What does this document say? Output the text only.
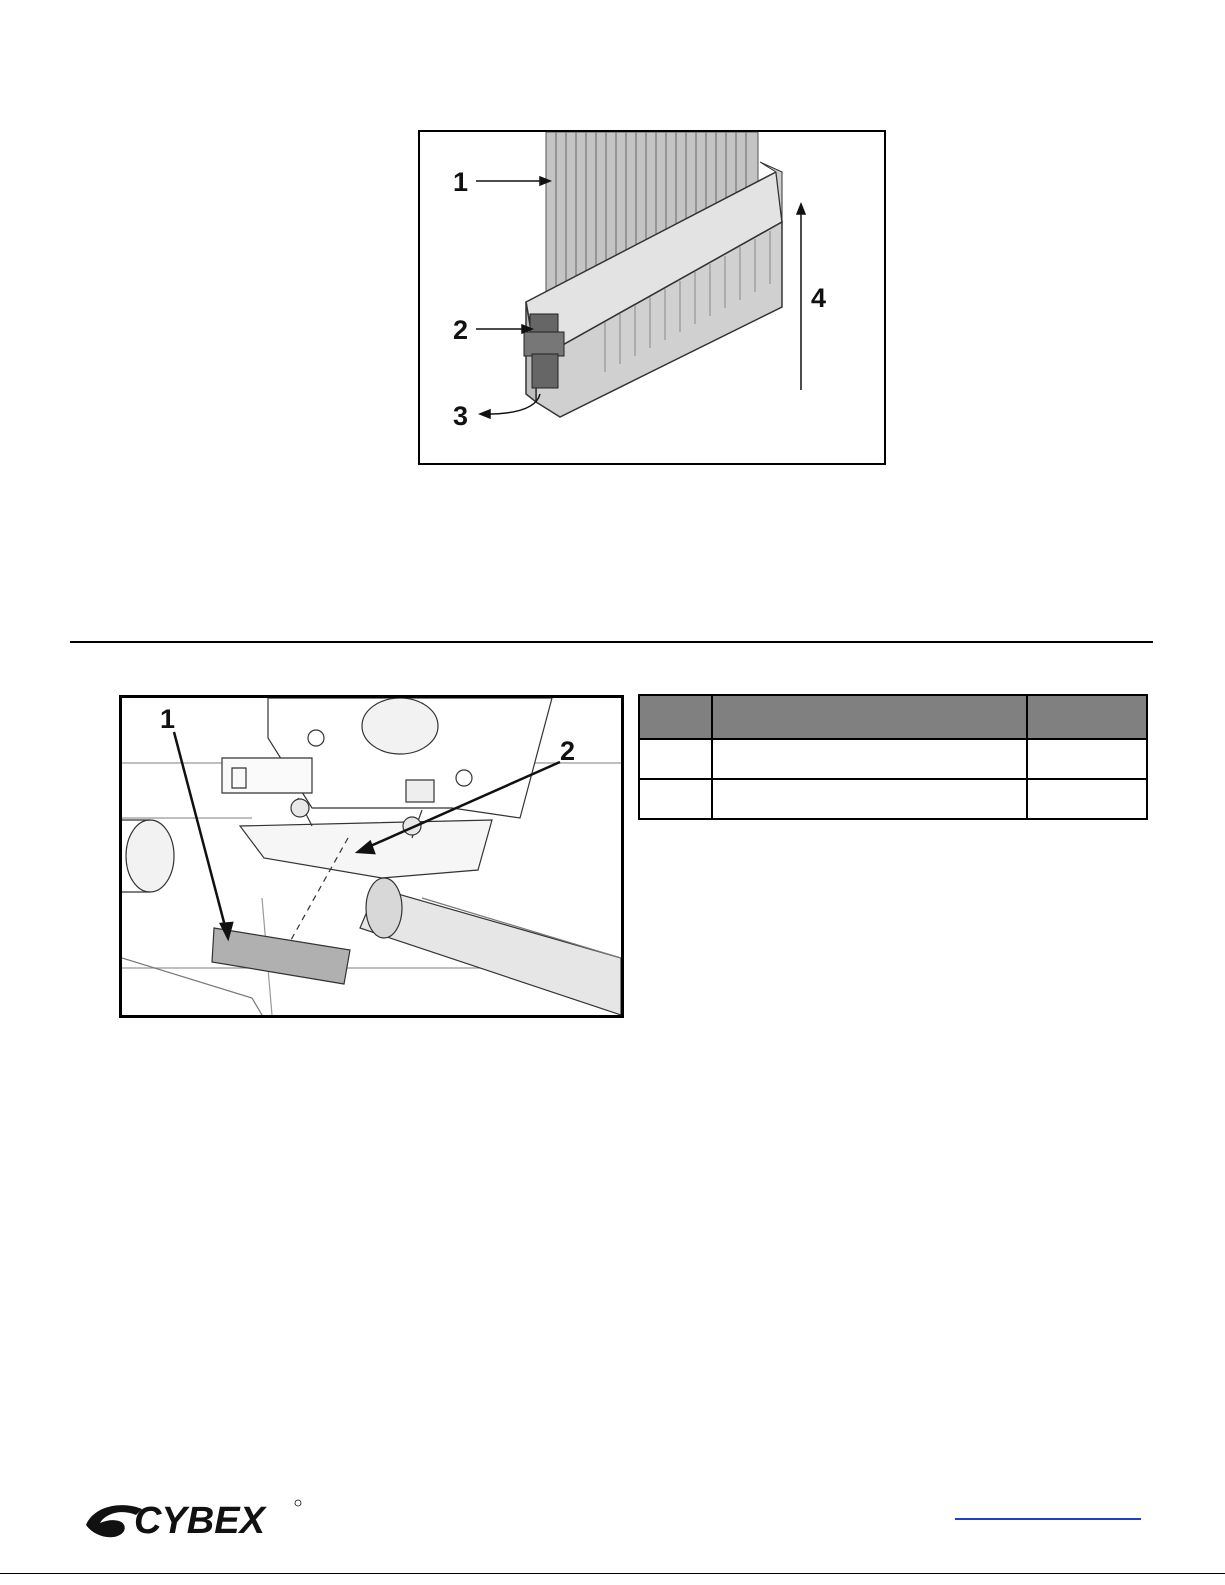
1
2
3
4
1
2

CYBEX
